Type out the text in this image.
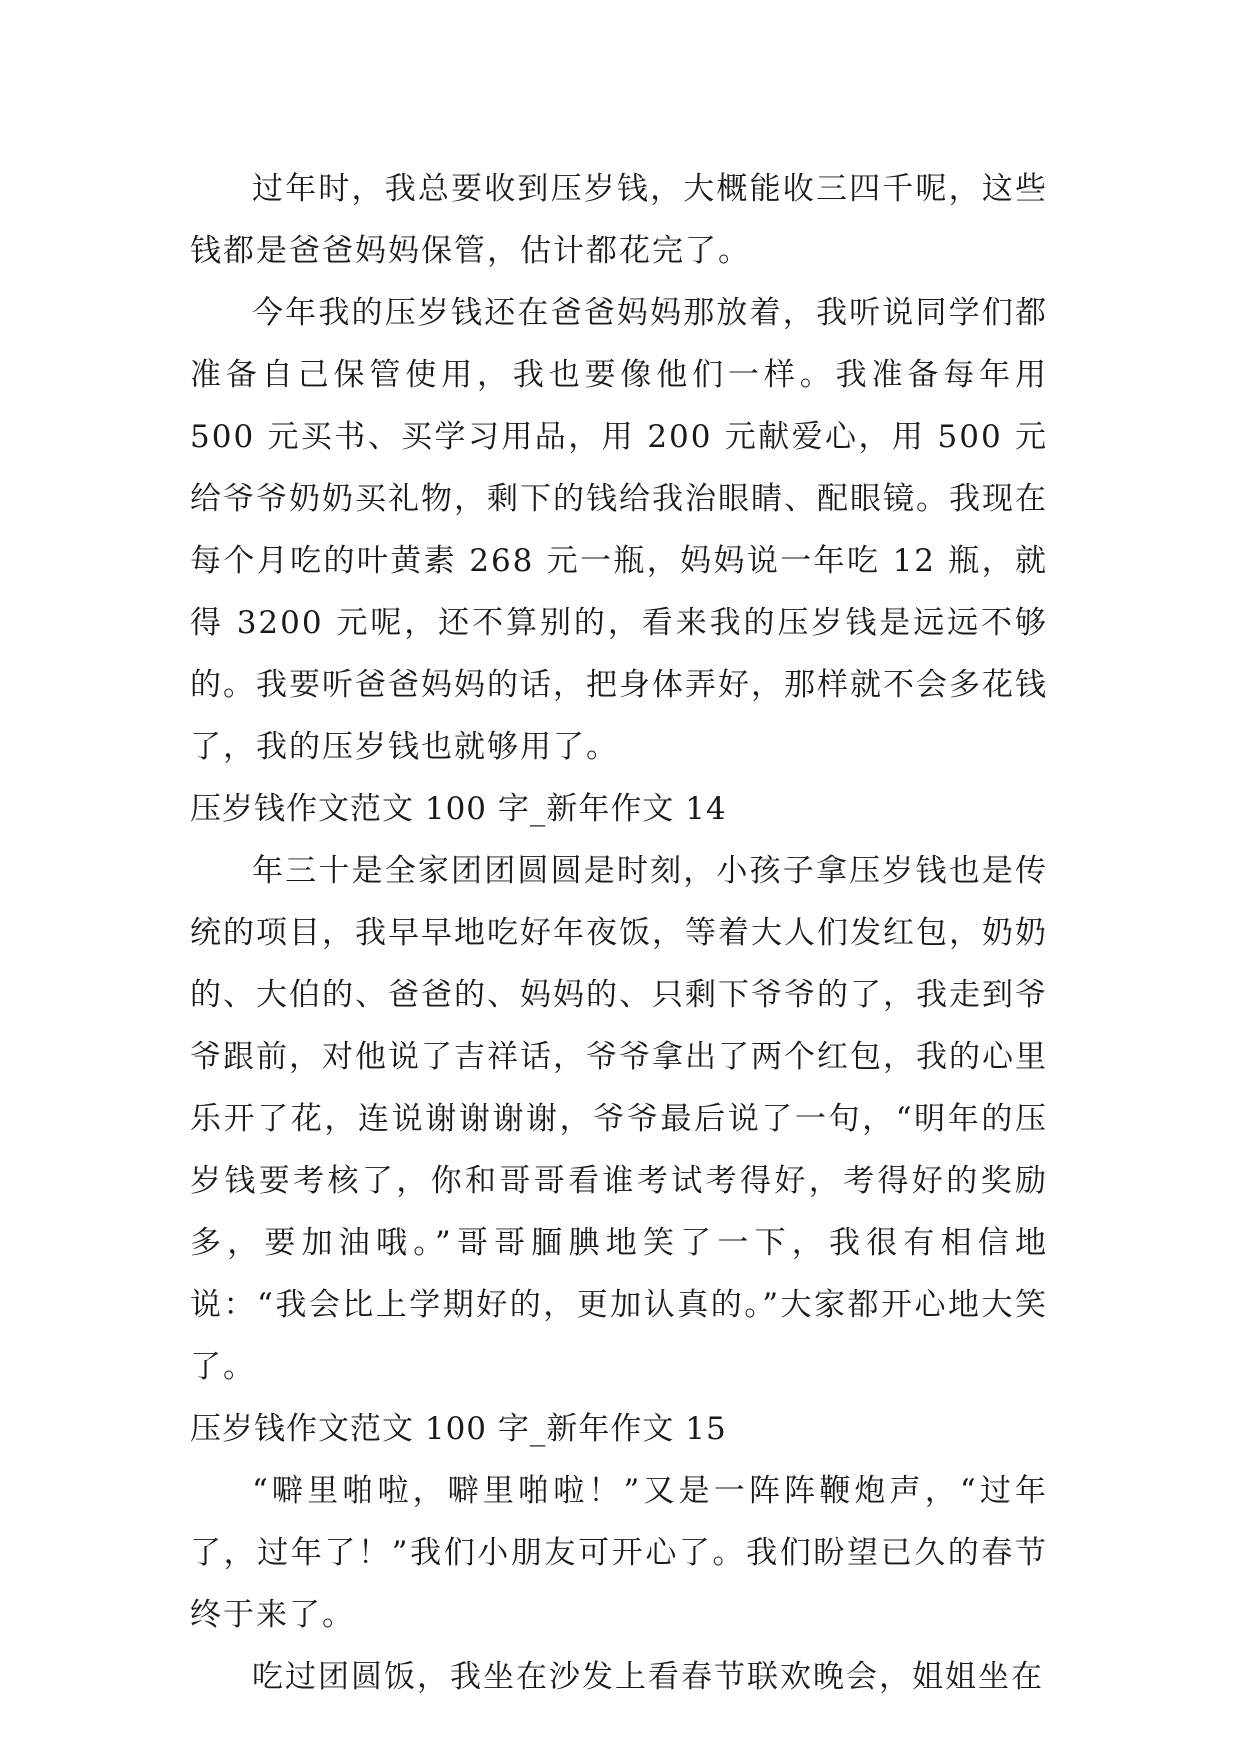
过年时，我总要收到压岁钱，大概能收三四千呢，这些钱都是爸爸妈妈保管，估计都花完了。

今年我的压岁钱还在爸爸妈妈那放着，我听说同学们都准备自己保管使用，我也要像他们一样。我准备每年用 500 元买书、买学习用品，用 200 元献爱心，用 500 元给爷爷奶奶买礼物，剩下的钱给我治眼睛、配眼镜。我现在每个月吃的叶黄素 268 元一瓶，妈妈说一年吃 12 瓶，就得 3200 元呢，还不算别的，看来我的压岁钱是远远不够的。我要听爸爸妈妈的话，把身体弄好，那样就不会多花钱了，我的压岁钱也就够用了。

压岁钱作文范文 100 字_新年作文 14

年三十是全家团团圆圆是时刻，小孩子拿压岁钱也是传统的项目，我早早地吃好年夜饭，等着大人们发红包，奶奶的、大伯的、爸爸的、妈妈的、只剩下爷爷的了，我走到爷爷跟前，对他说了吉祥话，爷爷拿出了两个红包，我的心里乐开了花，连说谢谢谢谢，爷爷最后说了一句，“明年的压岁钱要考核了，你和哥哥看谁考试考得好，考得好的奖励多，要加油哦。”哥哥腼腆地笑了一下，我很有相信地说：“我会比上学期好的，更加认真的。”大家都开心地大笑了。

压岁钱作文范文 100 字_新年作文 15

“噼里啪啦，噼里啪啦！”又是一阵阵鞭炮声，“过年了，过年了！”我们小朋友可开心了。我们盼望已久的春节终于来了。

吃过团圆饭，我坐在沙发上看春节联欢晚会，姐姐坐在
